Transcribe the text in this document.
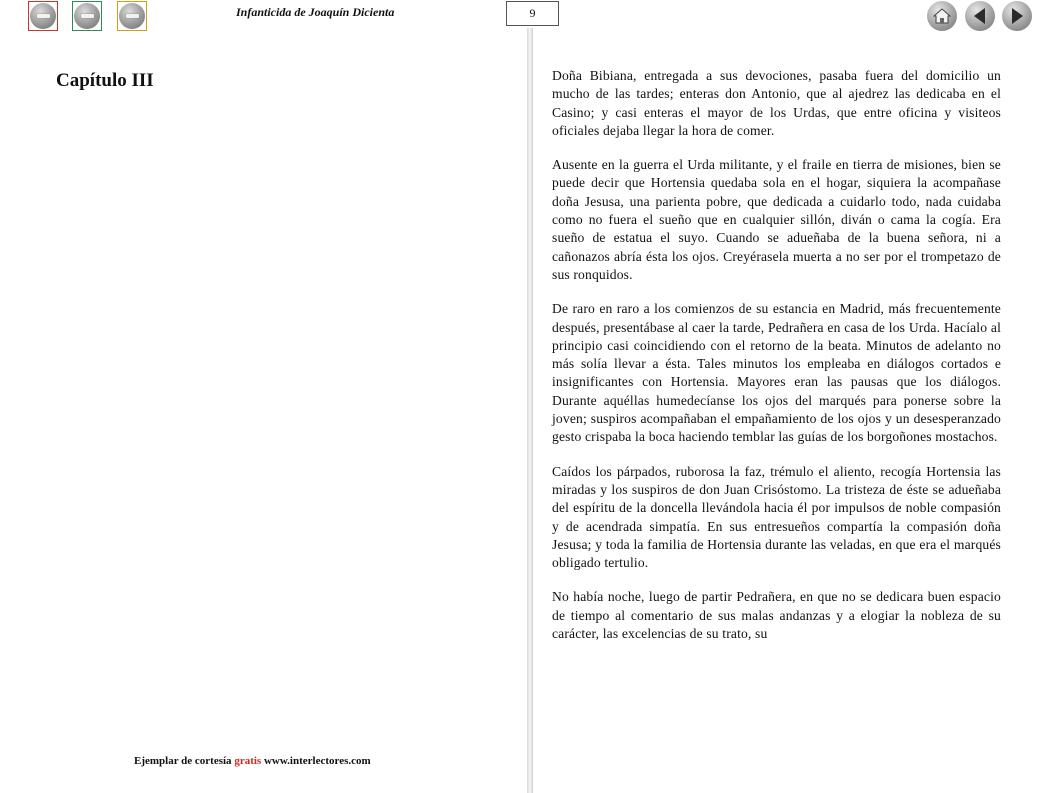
Infanticida de Joaquín Dicienta	9
Capítulo III	Doña Bibiana, entregada a sus devociones, pasaba fuera del domicilio un mucho de las tardes; enteras don Antonio, que al ajedrez las dedicaba en el Casino; y casi enteras el mayor de los Urdas, que entre oficina y visiteos oficiales dejaba llegar la hora de comer.

Ausente en la guerra el Urda militante, y el fraile en tierra de misiones, bien se puede decir que Hortensia quedaba sola en el hogar, siquiera la acompañase doña Jesusa, una parienta pobre, que dedicada a cuidarlo todo, nada cuidaba como no fuera el sueño que en cualquier sillón, diván o cama la cogía. Era sueño de estatua el suyo. Cuando se adueñaba de la buena señora, ni a cañonazos abría ésta los ojos. Creyérasela muerta a no ser por el trompetazo de sus ronquidos.

De raro en raro a los comienzos de su estancia en Madrid, más frecuentemente después, presentábase al caer la tarde, Pedrañera en casa de los Urda. Hacíalo al principio casi coincidiendo con el retorno de la beata. Minutos de adelanto no más solía llevar a ésta. Tales minutos los empleaba en diálogos cortados e insignificantes con Hortensia. Mayores eran las pausas que los diálogos. Durante aquéllas humedecíanse los ojos del marqués para ponerse sobre la joven; suspiros acompañaban el empañamiento de los ojos y un desesperanzado gesto crispaba la boca haciendo temblar las guías de los borgoñones mostachos.

Caídos los párpados, ruborosa la faz, trémulo el aliento, recogía Hortensia las miradas y los suspiros de don Juan Crisóstomo. La tristeza de éste se adueñaba del espíritu de la doncella llevándola hacia él por impulsos de noble compasión y de acendrada simpatía. En sus entresueños compartía la compasión doña Jesusa; y toda la familia de Hortensia durante las veladas, en que era el marqués obligado tertulio.

No había noche, luego de partir Pedrañera, en que no se dedicara buen espacio de tiempo al comentario de sus malas andanzas y a elogiar la nobleza de su carácter, las excelencias de su trato, su

Ejemplar de cortesía gratis www.interlectores.com
